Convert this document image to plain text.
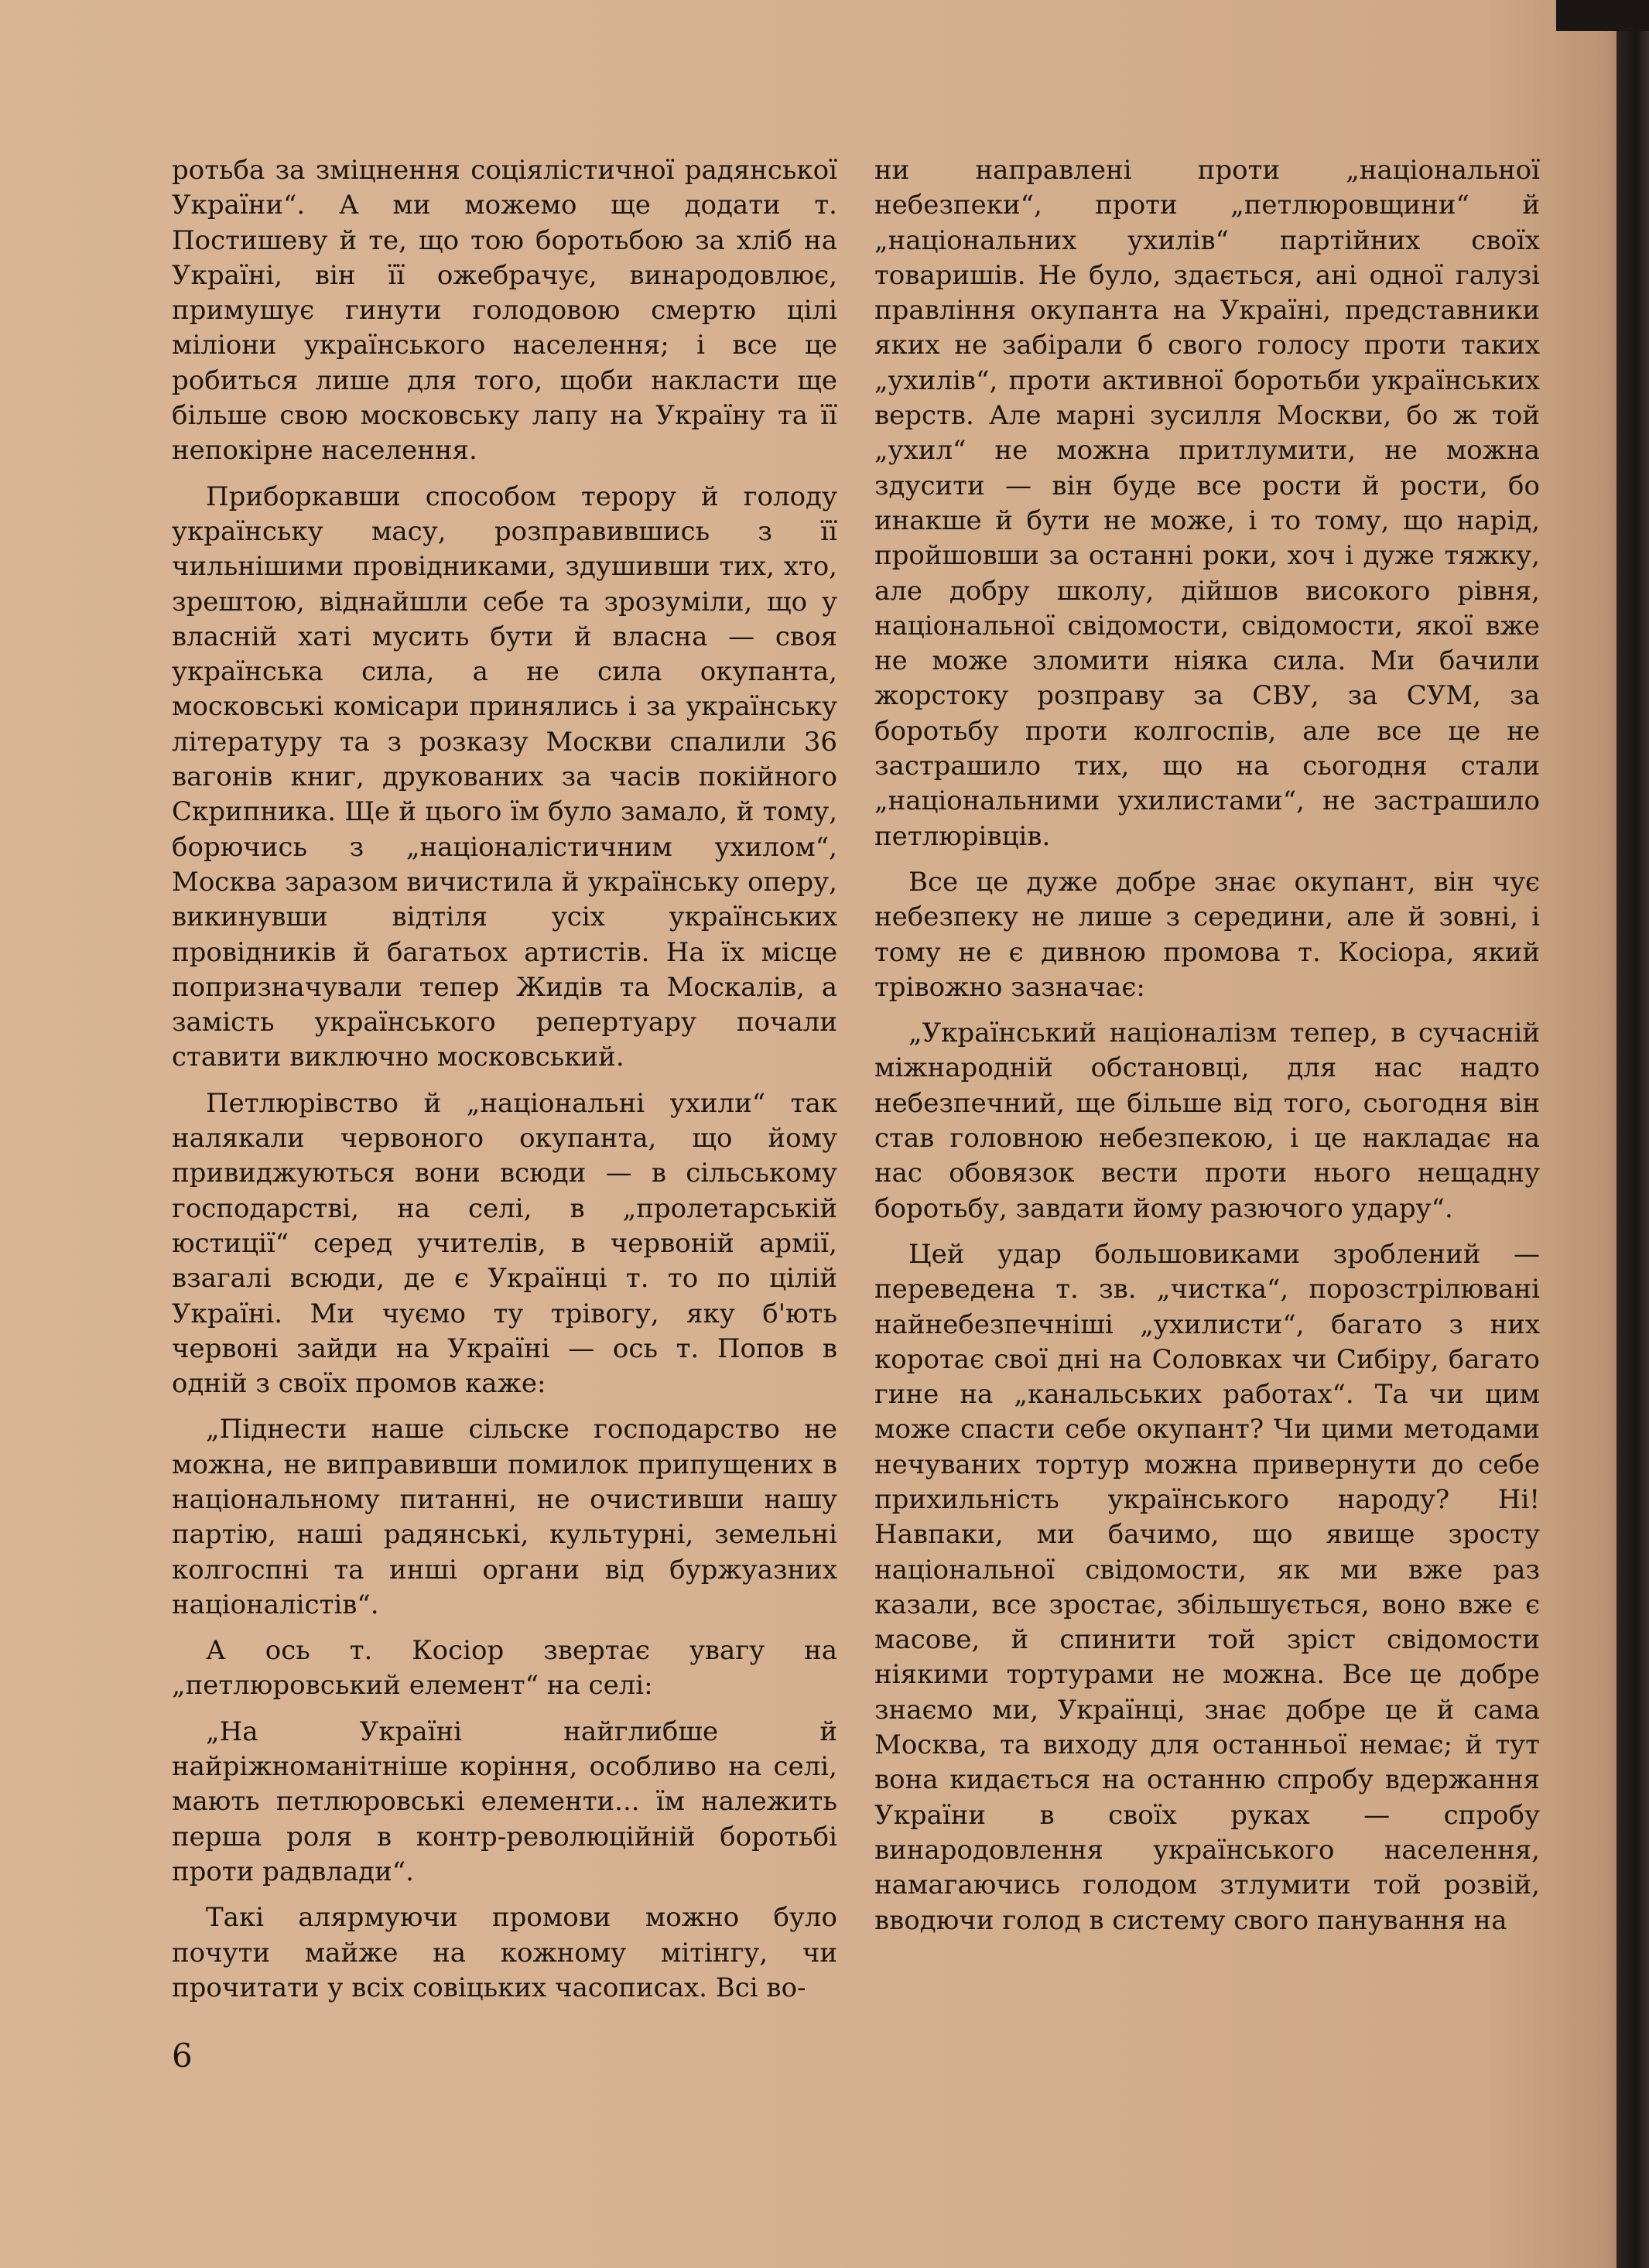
ротьба за зміцнення соціялістичної радянської України“. А ми можемо ще додати т. Постишеву й те, що тою боротьбою за хліб на Україні, він її ожебрачує, винародовлює, примушує гинути голодовою смертю цілі міліони українського населення; і все це робиться лише для того, щоби накласти ще більше свою московську лапу на Україну та її непокірне населення.

Приборкавши способом терору й голоду українську масу, розправившись з її чильнішими провідниками, здушивши тих, хто, зрештою, віднайшли себе та зрозуміли, що у власній хаті мусить бути й власна — своя українська сила, а не сила окупанта, московські комісари принялись і за українську літературу та з розказу Москви спалили 36 вагонів книг, друкованих за часів покійного Скрипника. Ще й цього їм було замало, й тому, борючись з „націоналістичним ухилом“, Москва заразом вичистила й українську оперу, викинувши відтіля усіх українських провідників й багатьох артистів. На їх місце попризначували тепер Жидів та Москалів, а замість українського репертуару почали ставити виключно московський.

Петлюрівство й „національні ухили“ так налякали червоного окупанта, що йому привиджуються вони всюди — в сільському господарстві, на селі, в „пролетарській юстиції“ серед учителів, в червоній армії, взагалі всюди, де є Українці т. то по цілій Україні. Ми чуємо ту трівогу, яку б'ють червоні зайди на Україні — ось т. Попов в одній з своїх промов каже:

„Піднести наше сільске господарство не можна, не виправивши помилок припущених в національному питанні, не очистивши нашу партію, наші радянські, культурні, земельні колгоспні та инші органи від буржуазних націоналістів“.

А ось т. Косіор звертає увагу на „петлюровський елемент“ на селі:

„На Україні найглибше й найріжноманітніше коріння, особливо на селі, мають петлюровські елементи... їм належить перша роля в контр-революційній боротьбі проти радвлади“.

Такі алярмуючи промови можно було почути майже на кожному мітінгу, чи прочитати у всіх совіцьких часописах. Всі во-

ни направлені проти „національної небезпеки“, проти „петлюровщини“ й „національних ухилів“ партійних своїх товаришів. Не було, здається, ані одної галузі правління окупанта на Україні, представники яких не забірали б свого голосу проти таких „ухилів“, проти активної боротьби українських верств. Але марні зусилля Москви, бо ж той „ухил“ не можна притлумити, не можна здусити — він буде все рости й рости, бо инакше й бути не може, і то тому, що нарід, пройшовши за останні роки, хоч і дуже тяжку, але добру школу, дійшов високого рівня, національної свідомости, свідомости, якої вже не може зломити ніяка сила. Ми бачили жорстоку розправу за СВУ, за СУМ, за боротьбу проти колгоспів, але все це не застрашило тих, що на сьогодня стали „національними ухилистами“, не застрашило петлюрівців.

Все це дуже добре знає окупант, він чує небезпеку не лише з середини, але й зовні, і тому не є дивною промова т. Косіора, який трівожно зазначає:

„Український націоналізм тепер, в сучасній міжнародній обстановці, для нас надто небезпечний, ще більше від того, сьогодня він став головною небезпекою, і це накладає на нас обовязок вести проти нього нещадну боротьбу, завдати йому разючого удару“.

Цей удар большовиками зроблений — переведена т. зв. „чистка“, порозстрілювані найнебезпечніші „ухилисти“, багато з них коротає свої дні на Соловках чи Сибіру, багато гине на „канальських работах“. Та чи цим може спасти себе окупант? Чи цими методами нечуваних тортур можна привернути до себе прихильність українського народу? Ні! Навпаки, ми бачимо, що явище зросту національної свідомости, як ми вже раз казали, все зростає, збільшується, воно вже є масове, й спинити той зріст свідомости ніякими тортурами не можна. Все це добре знаємо ми, Українці, знає добре це й сама Москва, та виходу для останньої немає; й тут вона кидається на останню спробу вдержання України в своїх руках — спробу винародовлення українського населення, намагаючись голодом зтлумити той розвій, вводючи голод в систему свого панування на

6
